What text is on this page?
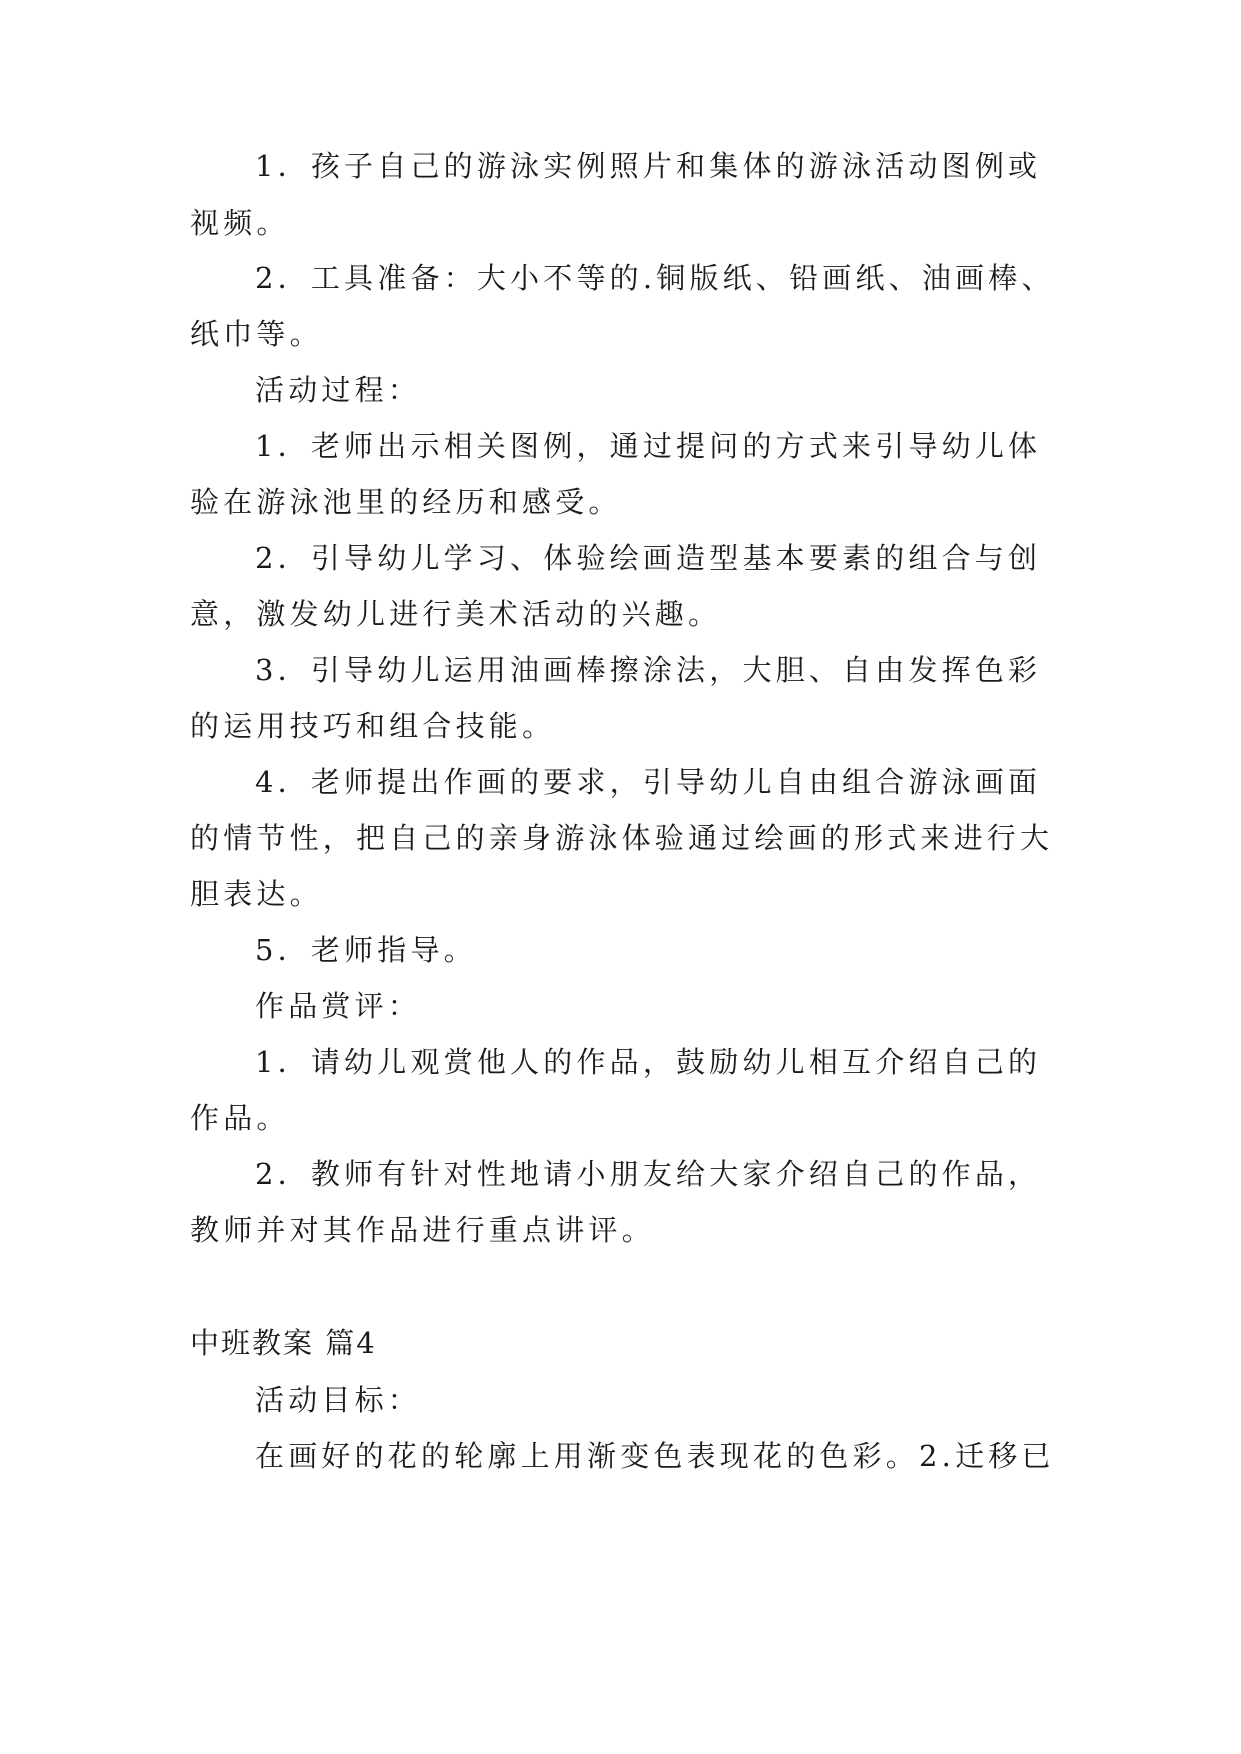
1．孩子自己的游泳实例照片和集体的游泳活动图例或
视频。
2．工具准备：大小不等的.铜版纸、铅画纸、油画棒、
纸巾等。
活动过程：
1．老师出示相关图例，通过提问的方式来引导幼儿体
验在游泳池里的经历和感受。
2．引导幼儿学习、体验绘画造型基本要素的组合与创
意，激发幼儿进行美术活动的兴趣。
3．引导幼儿运用油画棒擦涂法，大胆、自由发挥色彩
的运用技巧和组合技能。
4．老师提出作画的要求，引导幼儿自由组合游泳画面
的情节性，把自己的亲身游泳体验通过绘画的形式来进行大
胆表达。
5．老师指导。
作品赏评：
1．请幼儿观赏他人的作品，鼓励幼儿相互介绍自己的
作品。
2．教师有针对性地请小朋友给大家介绍自己的作品，
教师并对其作品进行重点讲评。
中班教案 篇4
活动目标：
在画好的花的轮廓上用渐变色表现花的色彩。2.迁移已
